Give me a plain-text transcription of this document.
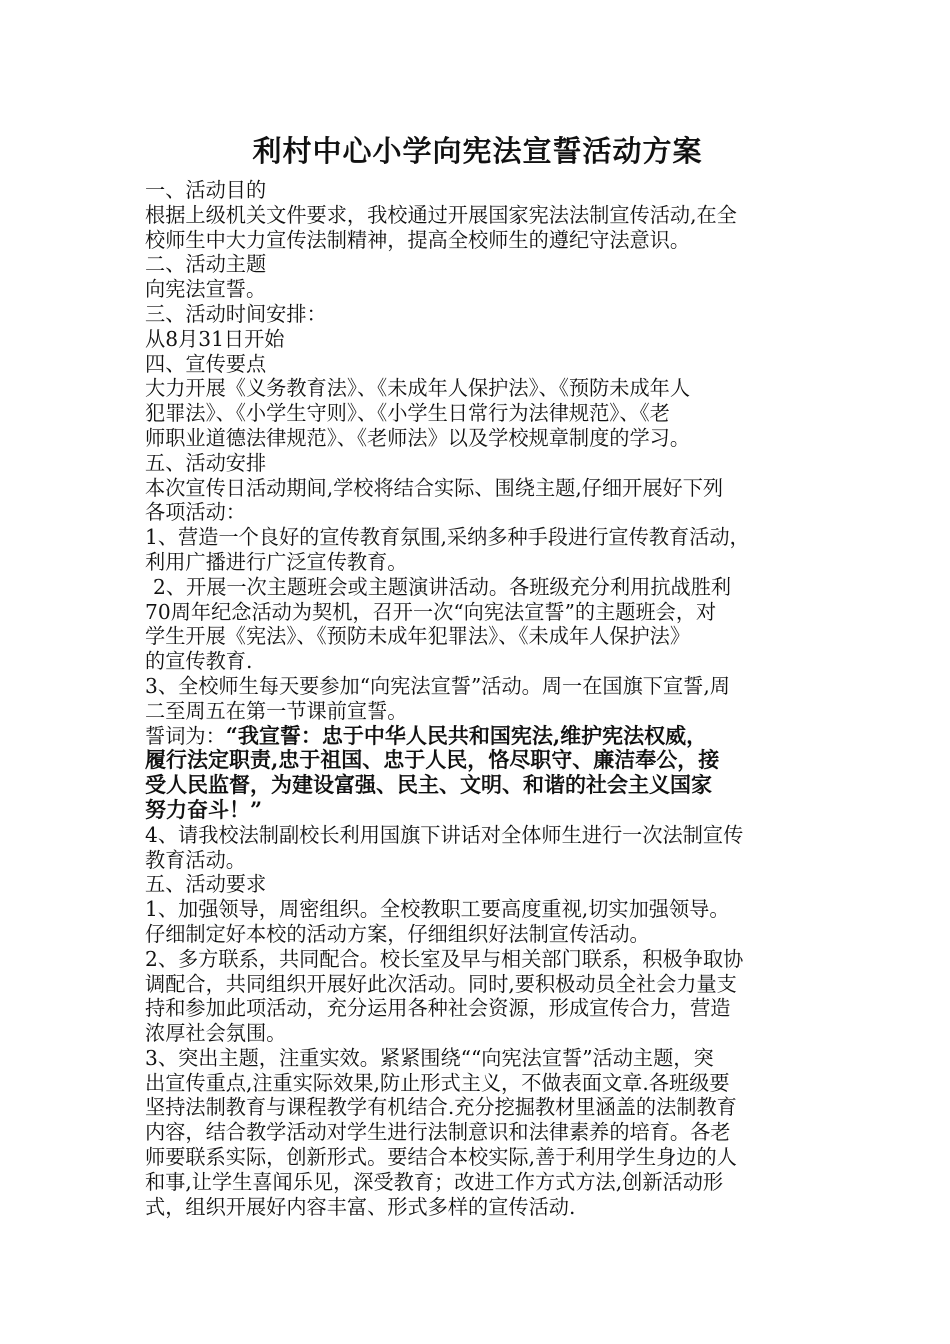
利村中心小学向宪法宣誓活动方案

一、活动目的

根据上级机关文件要求，我校通过开展国家宪法法制宣传活动,在全

校师生中大力宣传法制精神，提高全校师生的遵纪守法意识。

二、活动主题

向宪法宣誓。

三、活动时间安排：

从8月31日开始

四、宣传要点

大力开展《义务教育法》、《未成年人保护法》、《预防未成年人

犯罪法》、《小学生守则》、《小学生日常行为法律规范》、《老

师职业道德法律规范》、《老师法》以及学校规章制度的学习。

五、活动安排

本次宣传日活动期间,学校将结合实际、围绕主题,仔细开展好下列

各项活动：

1、营造一个良好的宣传教育氛围,采纳多种手段进行宣传教育活动，

利用广播进行广泛宣传教育。

2、开展一次主题班会或主题演讲活动。各班级充分利用抗战胜利

70周年纪念活动为契机，召开一次“向宪法宣誓”的主题班会，对

学生开展《宪法》、《预防未成年犯罪法》、《未成年人保护法》

的宣传教育.

3、全校师生每天要参加“向宪法宣誓”活动。周一在国旗下宣誓,周

二至周五在第一节课前宣誓。

誓词为：“我宣誓：忠于中华人民共和国宪法,维护宪法权威，

履行法定职责,忠于祖国、忠于人民，恪尽职守、廉洁奉公，接

受人民监督，为建设富强、民主、文明、和谐的社会主义国家

努力奋斗！”

4、请我校法制副校长利用国旗下讲话对全体师生进行一次法制宣传

教育活动。

五、活动要求

1、加强领导，周密组织。全校教职工要高度重视,切实加强领导。

仔细制定好本校的活动方案，仔细组织好法制宣传活动。

2、多方联系，共同配合。校长室及早与相关部门联系，积极争取协

调配合，共同组织开展好此次活动。同时,要积极动员全社会力量支

持和参加此项活动，充分运用各种社会资源，形成宣传合力，营造

浓厚社会氛围。

3、突出主题，注重实效。紧紧围绕““向宪法宣誓”活动主题，突

出宣传重点,注重实际效果,防止形式主义，不做表面文章.各班级要

坚持法制教育与课程教学有机结合.充分挖掘教材里涵盖的法制教育

内容，结合教学活动对学生进行法制意识和法律素养的培育。各老

师要联系实际，创新形式。要结合本校实际,善于利用学生身边的人

和事,让学生喜闻乐见，深受教育；改进工作方式方法,创新活动形

式，组织开展好内容丰富、形式多样的宣传活动.
